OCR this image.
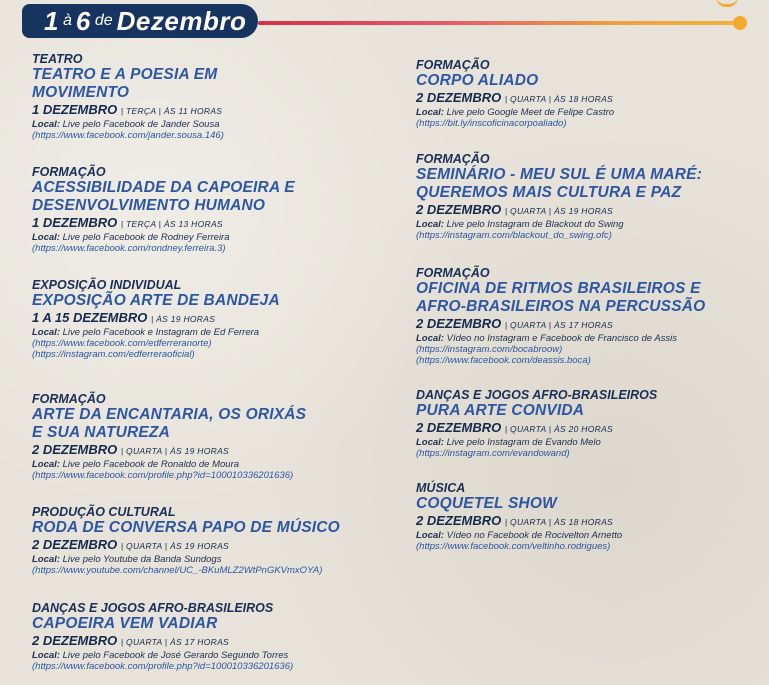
1 à 6 de Dezembro
TEATRO
TEATRO E A POESIA EM
MOVIMENTO
1 DEZEMBRO | TERÇA | ÀS 11 HORAS
Local: Live pelo Facebook de Jander Sousa
(https://www.facebook.com/jander.sousa.146)
FORMAÇÃO
ACESSIBILIDADE DA CAPOEIRA E
DESENVOLVIMENTO HUMANO
1 DEZEMBRO | TERÇA | ÀS 13 HORAS
Local: Live pelo Facebook de Rodney Ferreira
(https://www.facebook.com/rondney.ferreira.3)
EXPOSIÇÃO INDIVIDUAL
EXPOSIÇÃO ARTE DE BANDEJA
1 A 15 DEZEMBRO | ÀS 19 HORAS
Local: Live pelo Facebook e Instagram de Ed Ferrera
(https://www.facebook.com/edferreranorte)
(https://instagram.com/edferreraoficial)
FORMAÇÃO
ARTE DA ENCANTARIA, OS ORIXÁS
E SUA NATUREZA
2 DEZEMBRO | QUARTA | ÀS 19 HORAS
Local: Live pelo Facebook de Ronaldo de Moura
(https://www.facebook.com/profile.php?id=100010336201636)
PRODUÇÃO CULTURAL
RODA DE CONVERSA PAPO DE MÚSICO
2 DEZEMBRO | QUARTA | ÀS 19 HORAS
Local: Live pelo Youtube da Banda Sundogs
(https://www.youtube.com/channel/UC_-BKuMLZ2WtPnGKVmxOYA)
DANÇAS E JOGOS AFRO-BRASILEIROS
CAPOEIRA VEM VADIAR
2 DEZEMBRO | QUARTA | ÀS 17 HORAS
Local: Live pelo Facebook de José Gerardo Segundo Torres
(https://www.facebook.com/profile.php?id=100010336201636)
FORMAÇÃO
CORPO ALIADO
2 DEZEMBRO | QUARTA | ÀS 18 HORAS
Local: Live pelo Google Meet de Felipe Castro
(https://bit.ly/inscoficinacorpoaliado)
FORMAÇÃO
SEMINÁRIO - MEU SUL É UMA MARÉ:
QUEREMOS MAIS CULTURA E PAZ
2 DEZEMBRO | QUARTA | ÀS 19 HORAS
Local: Live pelo Instagram de Blackout do Swing
(https://instagram.com/blackout_do_swing.ofc)
FORMAÇÃO
OFICINA DE RITMOS BRASILEIROS E
AFRO-BRASILEIROS NA PERCUSSÃO
2 DEZEMBRO | QUARTA | ÀS 17 HORAS
Local: Vídeo no Instagram e Facebook de Francisco de Assis
(https://instagram.com/bocabroow)
(https://www.facebook.com/deassis.boca)
DANÇAS E JOGOS AFRO-BRASILEIROS
PURA ARTE CONVIDA
2 DEZEMBRO | QUARTA | ÀS 20 HORAS
Local: Live pelo Instagram de Evando Melo
(https://instagram.com/evandowand)
MÚSICA
COQUETEL SHOW
2 DEZEMBRO | QUARTA | ÀS 18 HORAS
Local: Vídeo no Facebook de Rocivelton Arnetto
(https://www.facebook.com/veltinho.rodrigues)
